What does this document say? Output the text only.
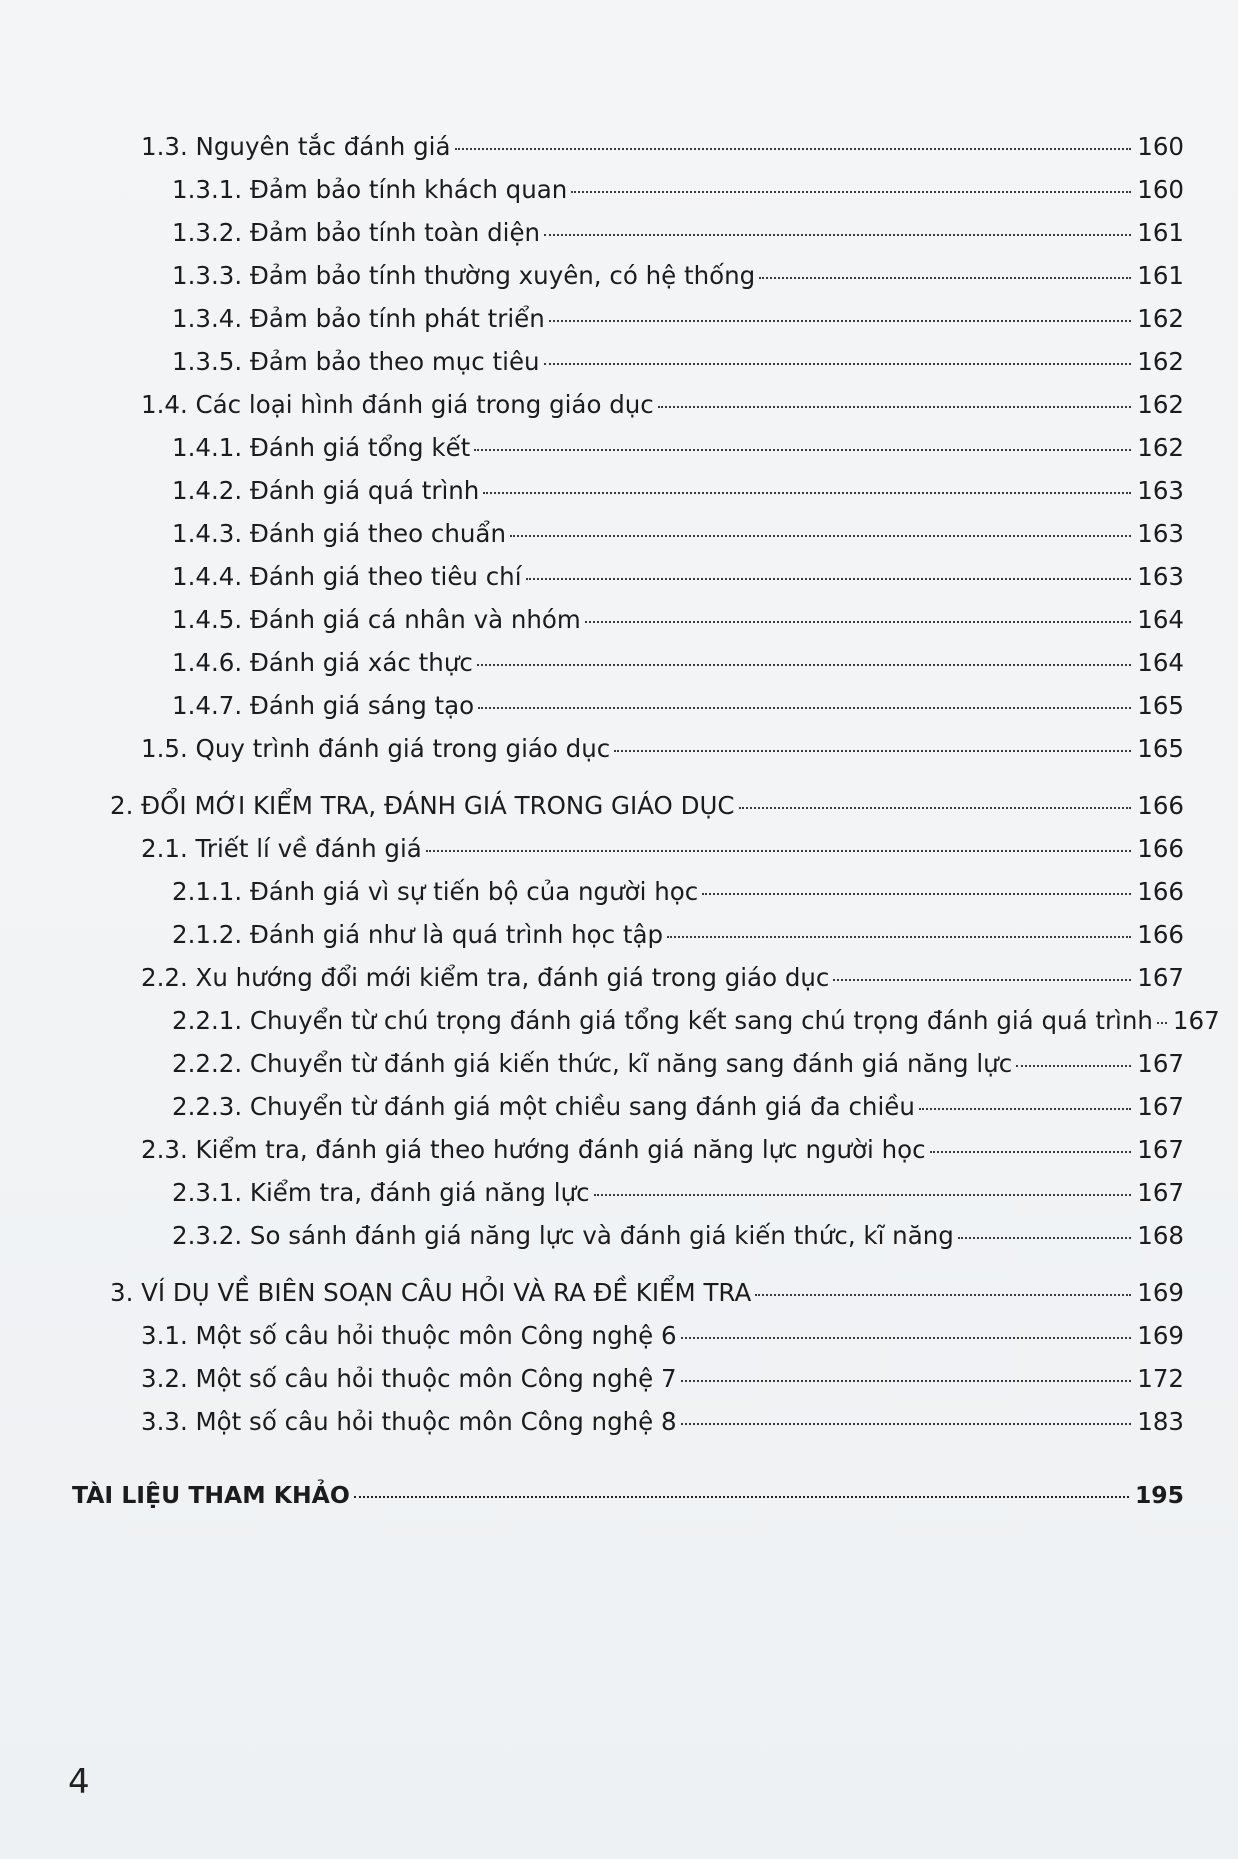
1.3. Nguyên tắc đánh giá	160
1.3.1. Đảm bảo tính khách quan	160
1.3.2. Đảm bảo tính toàn diện	161
1.3.3. Đảm bảo tính thường xuyên, có hệ thống	161
1.3.4. Đảm bảo tính phát triển	162
1.3.5. Đảm bảo theo mục tiêu	162
1.4. Các loại hình đánh giá trong giáo dục	162
1.4.1. Đánh giá tổng kết	162
1.4.2. Đánh giá quá trình	163
1.4.3. Đánh giá theo chuẩn	163
1.4.4. Đánh giá theo tiêu chí	163
1.4.5. Đánh giá cá nhân và nhóm	164
1.4.6. Đánh giá xác thực	164
1.4.7. Đánh giá sáng tạo	165
1.5. Quy trình đánh giá trong giáo dục	165
2. ĐỔI MỚI KIỂM TRA, ĐÁNH GIÁ TRONG GIÁO DỤC	166
2.1. Triết lí về đánh giá	166
2.1.1. Đánh giá vì sự tiến bộ của người học	166
2.1.2. Đánh giá như là quá trình học tập	166
2.2. Xu hướng đổi mới kiểm tra, đánh giá trong giáo dục	167
2.2.1. Chuyển từ chú trọng đánh giá tổng kết sang chú trọng đánh giá quá trình 167
2.2.2. Chuyển từ đánh giá kiến thức, kĩ năng sang đánh giá năng lực	167
2.2.3. Chuyển từ đánh giá một chiều sang đánh giá đa chiều	167
2.3. Kiểm tra, đánh giá theo hướng đánh giá năng lực người học	167
2.3.1. Kiểm tra, đánh giá năng lực	167
2.3.2. So sánh đánh giá năng lực và đánh giá kiến thức, kĩ năng	168
3. VÍ DỤ VỀ BIÊN SOẠN CÂU HỎI VÀ RA ĐỀ KIỂM TRA	169
3.1. Một số câu hỏi thuộc môn Công nghệ 6	169
3.2. Một số câu hỏi thuộc môn Công nghệ 7	172
3.3. Một số câu hỏi thuộc môn Công nghệ 8	183
TÀI LIỆU THAM KHẢO	195
4
